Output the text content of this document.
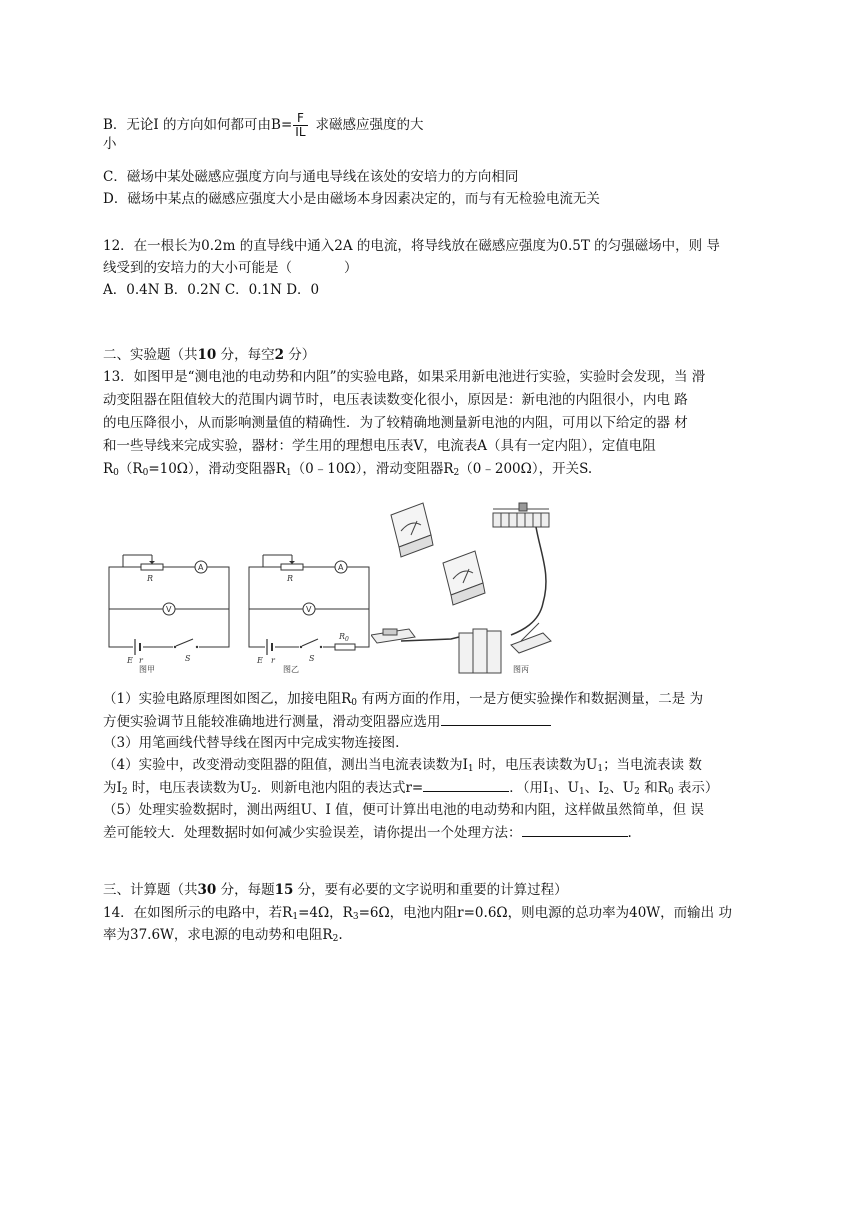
B．无论I 的方向如何都可由$B= \frac{F}{IL}$ 求磁感应强度的大
小
C．磁场中某处磁感应强度方向与通电导线在该处的安培力的方向相同
D．磁场中某点的磁感应强度大小是由磁场本身因素决定的，而与有无检验电流无关
12．在一根长为0.2m 的直导线中通入2A 的电流，将导线放在磁感应强度为0.5T 的匀强磁场中，则 导
线受到的安培力的大小可能是（	）
A．0.4N B．0.2N C．0.1N D．0
二、实验题（共10 分，每空2 分）
13．如图甲是“测电池的电动势和内阻”的实验电路，如果采用新电池进行实验，实验时会发现，当 滑
动变阻器在阻值较大的范围内调节时，电压表读数变化很小，原因是：新电池的内阻很小，内电 路
的电压降很小，从而影响测量值的精确性．为了较精确地测量新电池的内阻，可用以下给定的器 材
和一些导线来完成实验，器材：学生用的理想电压表V，电流表A（具有一定内阻），定值电阻
$R_0(R_0=10\Omega)$，滑动变阻器$R_1(0﹣10\Omega)$，滑动变阻器$R_2(0﹣200\Omega)$，开关S.
R
A
V
E r	S
图甲
R
A
V
E r	S
$R_0$
图乙	图丙
（1）实验电路原理图如图乙，加接电阻$R_0$ 有两方面的作用，一是方便实验操作和数据测量，二是 为
方便实验调节且能较准确地进行测量，滑动变阻器应选用
（3）用笔画线代替导线在图丙中完成实物连接图.
（4）实验中，改变滑动变阻器的阻值，测出当电流表读数为$I_1$ 时，电压表读数为$U_1$；当电流表读 数
为$I_2$ 时，电压表读数为$U_2$．则新电池内阻的表达式r=	．（用$I_1$、$U_1$、$I_2$、$U_2$ 和$R_0$ 表示）
（5）处理实验数据时，测出两组U、I 值，便可计算出电池的电动势和内阻，这样做虽然简单，但 误
差可能较大．处理数据时如何减少实验误差，请你提出一个处理方法：	.
三、计算题（共30 分，每题15 分，要有必要的文字说明和重要的计算过程）
14．在如图所示的电路中，若$R_1=4\Omega$，$R_3=6\Omega$，电池内阻r=0.6Ω，则电源的总功率为40W，而输出 功
率为37.6W，求电源的电动势和电阻$R_2$.
